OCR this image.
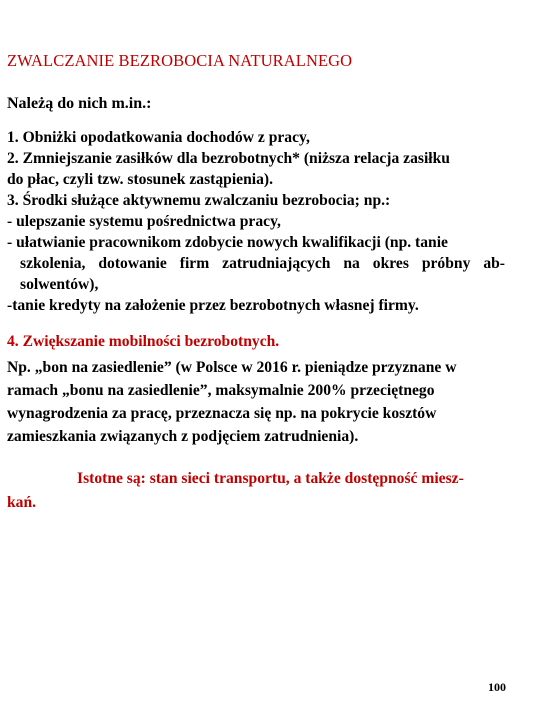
ZWALCZANIE BEZROBOCIA NATURALNEGO
Należą do nich m.in.:
1. Obniżki opodatkowania dochodów z pracy,
2. Zmniejszanie zasiłków dla bezrobotnych* (niższa relacja zasiłku
do płac, czyli tzw. stosunek zastąpienia).
3. Środki służące aktywnemu zwalczaniu bezrobocia; np.:
- ulepszanie systemu pośrednictwa pracy,
- ułatwianie pracownikom zdobycie nowych kwalifikacji (np. tanie
szkolenia, dotowanie firm zatrudniających na okres próbny ab-
solwentów),
-tanie kredyty na założenie przez bezrobotnych własnej firmy.
4. Zwiększanie mobilności bezrobotnych.
Np. „bon na zasiedlenie” (w Polsce w 2016 r. pieniądze przyznane w
ramach „bonu na zasiedlenie”, maksymalnie 200% przeciętnego
wynagrodzenia za pracę, przeznacza się np. na pokrycie kosztów
zamieszkania związanych z podjęciem zatrudnienia).
Istotne są: stan sieci transportu, a także dostępność miesz-
kań.
100
